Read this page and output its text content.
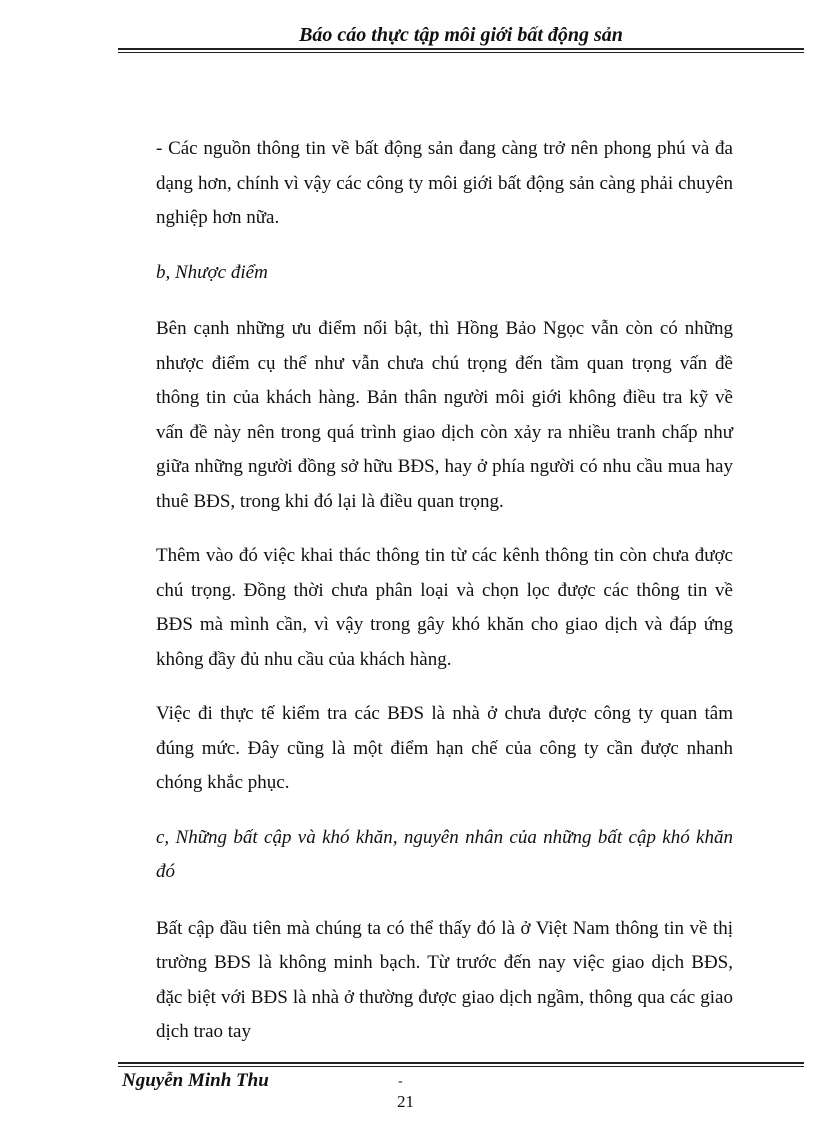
Báo cáo thực tập môi giới bất động sản

- Các nguồn thông tin về bất động sản đang càng trở nên phong phú và đa dạng hơn, chính vì vậy các công ty môi giới bất động sản càng phải chuyên nghiệp hơn nữa.

b, Nhược điểm

Bên cạnh những ưu điểm nổi bật, thì Hồng Bảo Ngọc vẫn còn có những nhược điểm cụ thể như vẫn chưa chú trọng đến tầm quan trọng vấn đề thông tin của khách hàng. Bản thân người môi giới không điều tra kỹ về vấn đề này nên trong quá trình giao dịch còn xảy ra nhiều tranh chấp như giữa những người đồng sở hữu BĐS, hay ở phía người có nhu cầu mua hay thuê BĐS, trong khi đó lại là điều quan trọng.

Thêm vào đó việc khai thác thông tin từ các kênh thông tin còn chưa được chú trọng. Đồng thời chưa phân loại và chọn lọc được các thông tin về BĐS mà mình cần, vì vậy trong gây khó khăn cho giao dịch và đáp ứng không đầy đủ nhu cầu của khách hàng.

Việc đi thực tế kiểm tra các BĐS là nhà ở chưa được công ty quan tâm đúng mức. Đây cũng là một điểm hạn chế của công ty cần được nhanh chóng khắc phục.

c, Những bất cập và khó khăn, nguyên nhân của những bất cập khó khăn đó

Bất cập đầu tiên mà chúng ta có thể thấy đó là ở Việt Nam thông tin về thị trường BĐS là không minh bạch. Từ trước đến nay việc giao dịch BĐS, đặc biệt với BĐS là nhà ở thường được giao dịch ngầm, thông qua các giao dịch trao tay

Nguyễn Minh Thu	-
21
